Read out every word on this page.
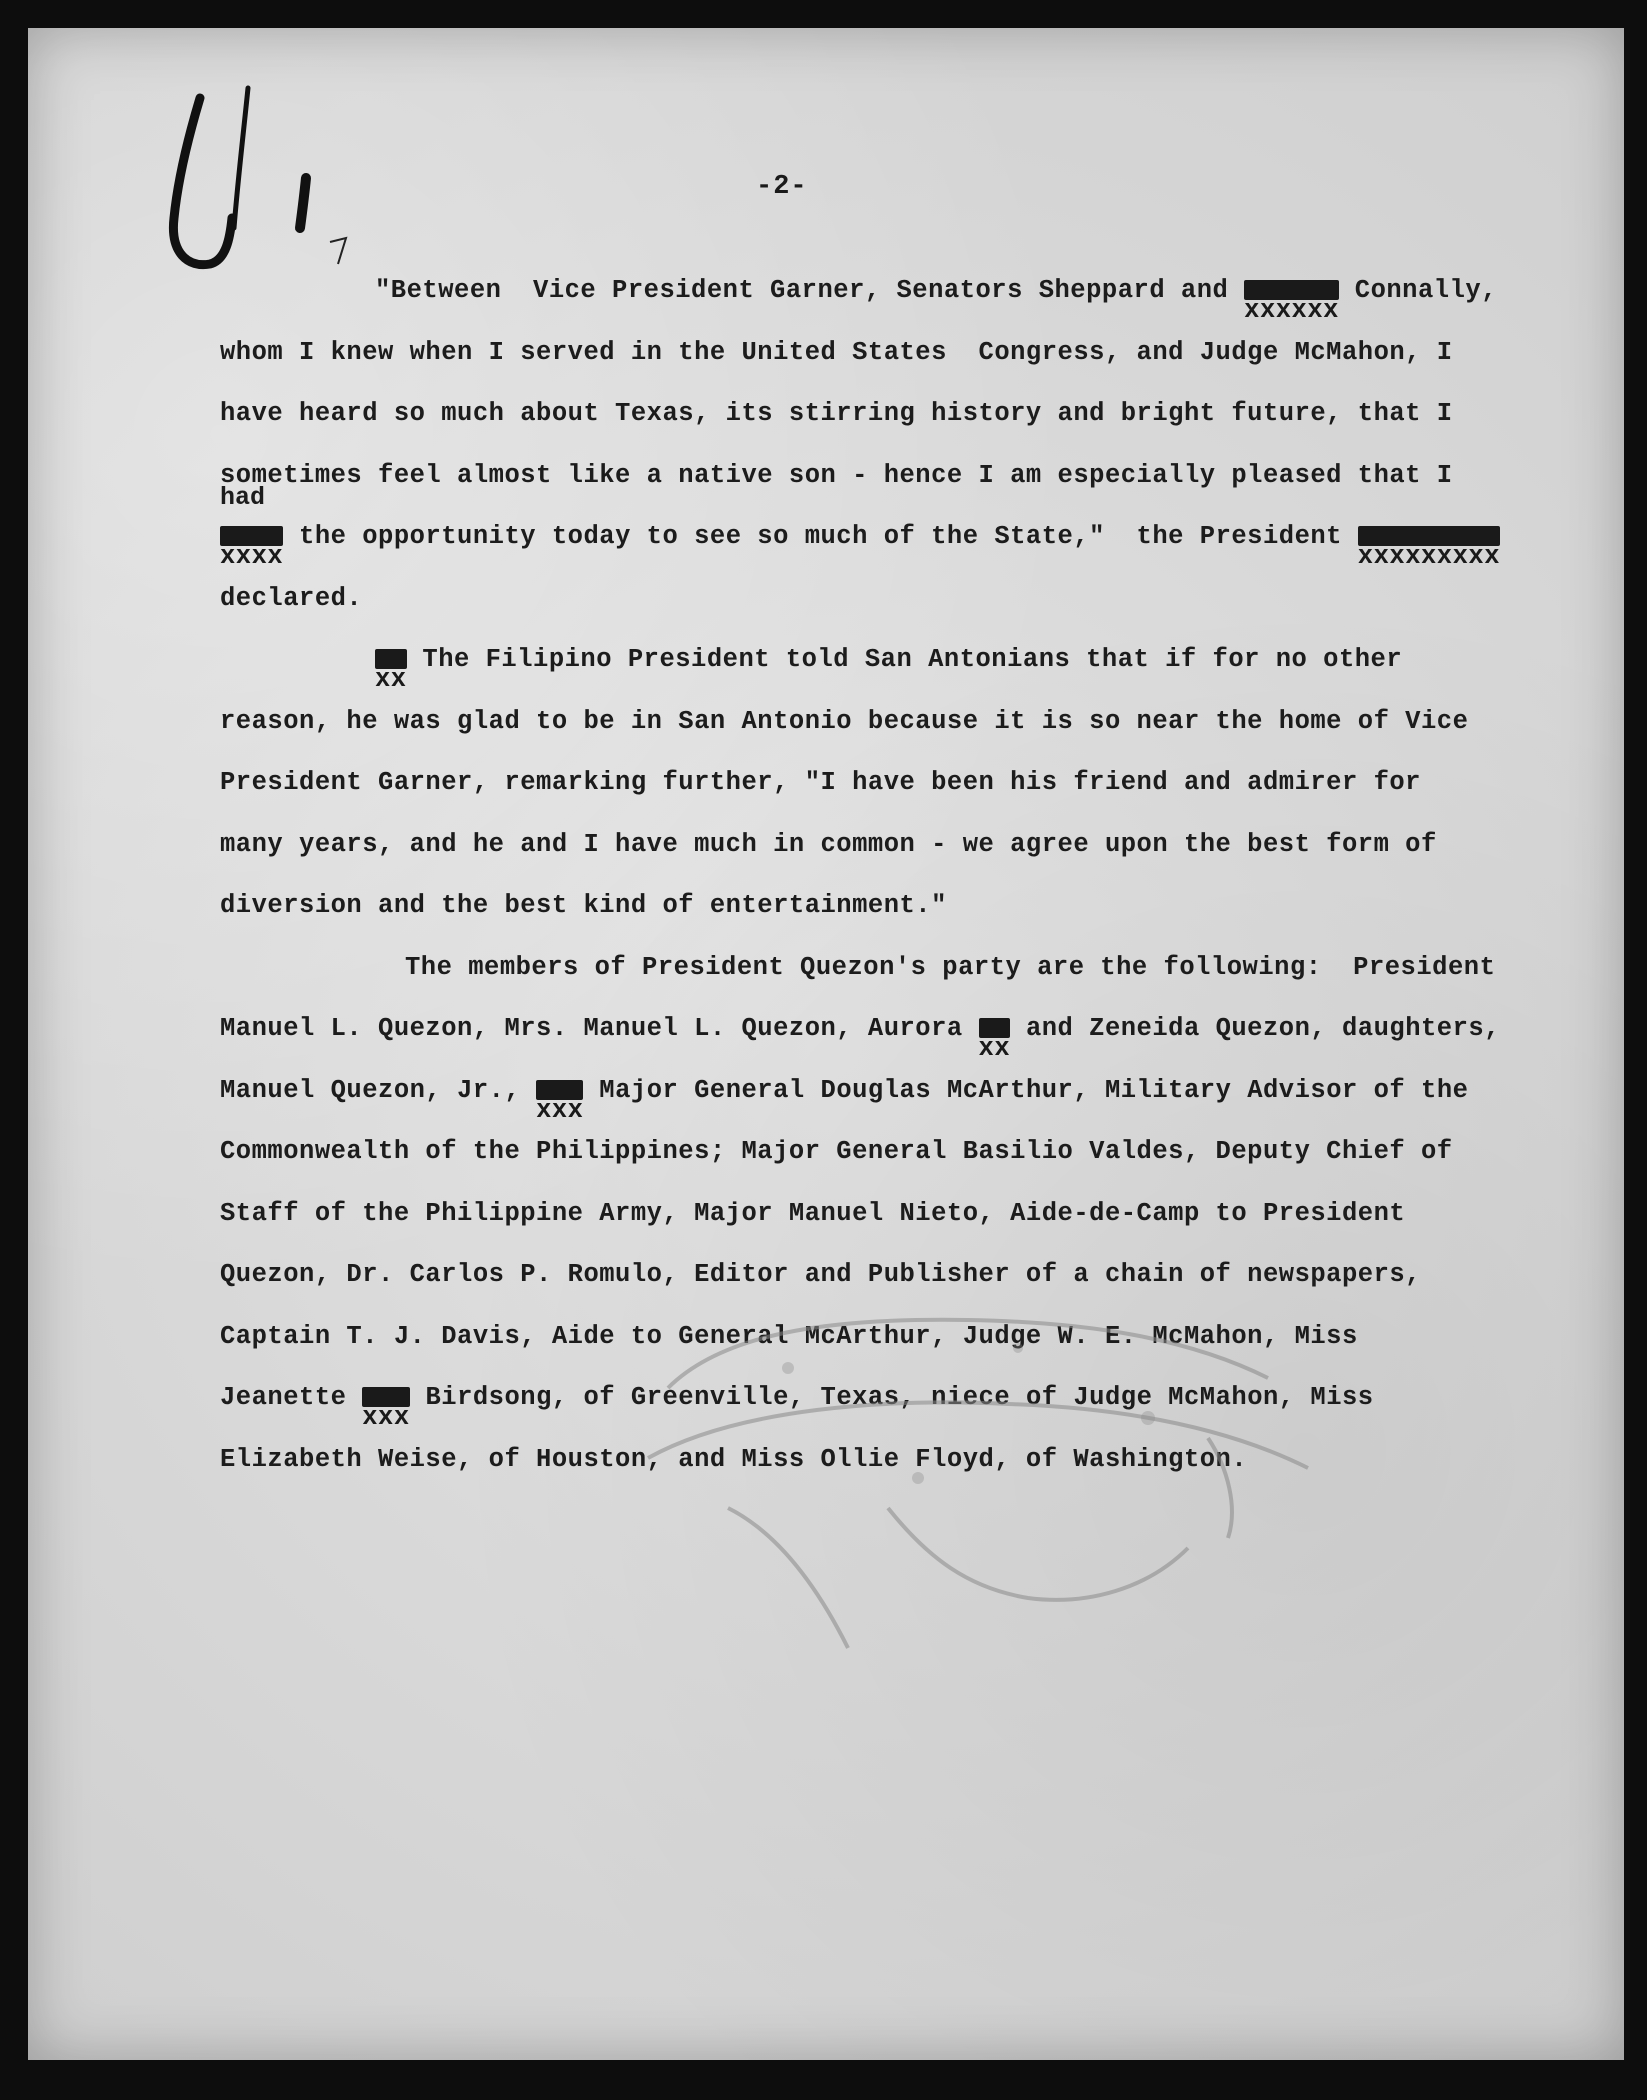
-2-
had
"Between  Vice President Garner, Senators Sheppard and xxxxxx Connally,
whom I knew when I served in the United States  Congress, and Judge McMahon, I
have heard so much about Texas, its stirring history and bright future, that I
sometimes feel almost like a native son - hence I am especially pleased that I
xxxx the opportunity today to see so much of the State,"  the President xxxxxxxxx
declared.
xx The Filipino President told San Antonians that if for no other
reason, he was glad to be in San Antonio because it is so near the home of Vice
President Garner, remarking further, "I have been his friend and admirer for
many years, and he and I have much in common - we agree upon the best form of
diversion and the best kind of entertainment."
The members of President Quezon's party are the following:  President
Manuel L. Quezon, Mrs. Manuel L. Quezon, Aurora xx and Zeneida Quezon, daughters,
Manuel Quezon, Jr., xxx Major General Douglas McArthur, Military Advisor of the
Commonwealth of the Philippines; Major General Basilio Valdes, Deputy Chief of
Staff of the Philippine Army, Major Manuel Nieto, Aide-de-Camp to President
Quezon, Dr. Carlos P. Romulo, Editor and Publisher of a chain of newspapers,
Captain T. J. Davis, Aide to General McArthur, Judge W. E. McMahon, Miss
Jeanette xxx Birdsong, of Greenville, Texas, niece of Judge McMahon, Miss
Elizabeth Weise, of Houston, and Miss Ollie Floyd, of Washington.
